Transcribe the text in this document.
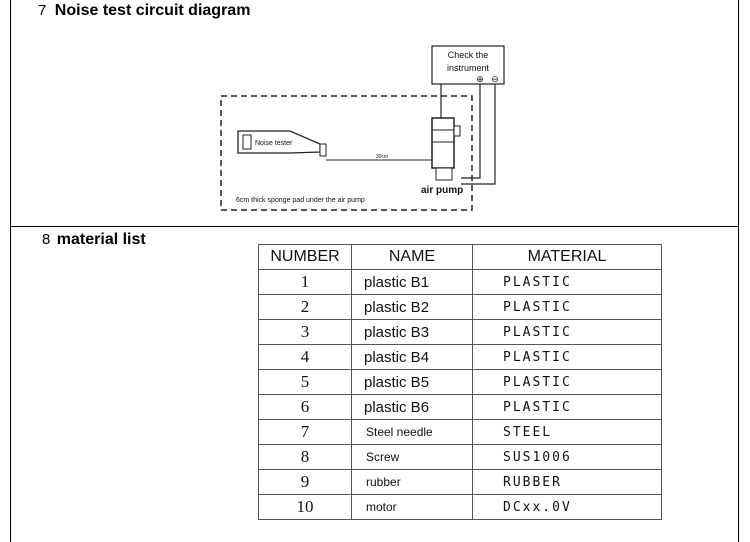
7 Noise test circuit diagram
Check the
instrument
⊕ ⊖
air pump
Noise tester
30cm
6cm thick sponge pad under the air pump
8 material list
NUMBER	NAME	MATERIAL
1	plastic B1	PLASTIC
2	plastic B2	PLASTIC
3	plastic B3	PLASTIC
4	plastic B4	PLASTIC
5	plastic B5	PLASTIC
6	plastic B6	PLASTIC
7	Steel needle	STEEL
8	Screw	SUS1006
9	rubber	RUBBER
10	motor	DCxx.0V
